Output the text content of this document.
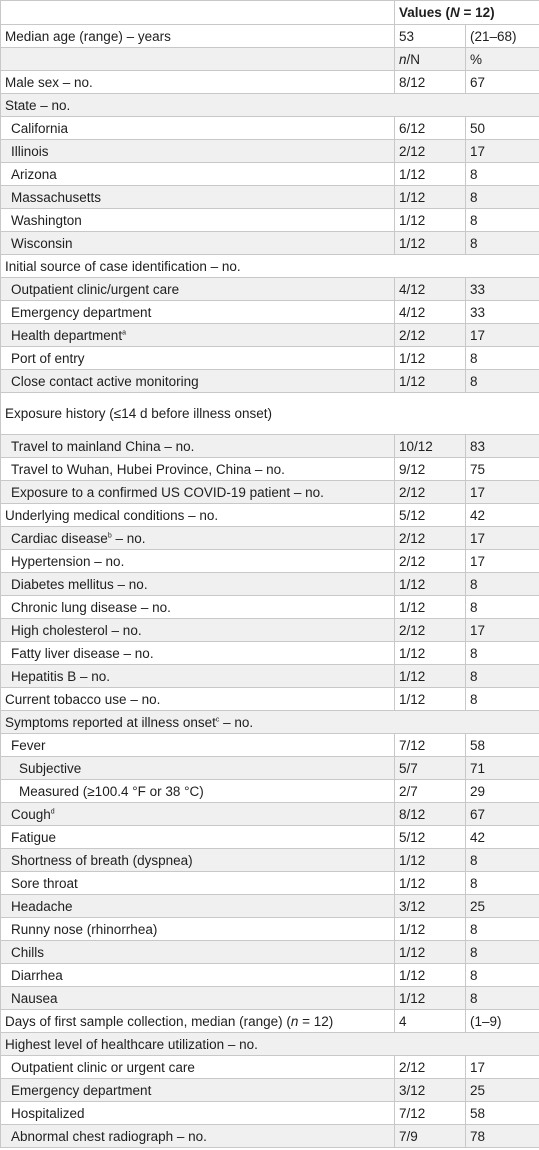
	Values (N = 12)	
Median age (range) – years	53	(21–68)
	n/N	%
Male sex – no.	8/12	67
State – no.		
California	6/12	50
Illinois	2/12	17
Arizona	1/12	8
Massachusetts	1/12	8
Washington	1/12	8
Wisconsin	1/12	8
Initial source of case identification – no.		
Outpatient clinic/urgent care	4/12	33
Emergency department	4/12	33
Health department$^a$	2/12	17
Port of entry	1/12	8
Close contact active monitoring	1/12	8
Exposure history (≤14 d before illness onset)		
Travel to mainland China – no.	10/12	83
Travel to Wuhan, Hubei Province, China – no.	9/12	75
Exposure to a confirmed US COVID-19 patient – no.	2/12	17
Underlying medical conditions – no.	5/12	42
Cardiac disease$^b$ – no.	2/12	17
Hypertension – no.	2/12	17
Diabetes mellitus – no.	1/12	8
Chronic lung disease – no.	1/12	8
High cholesterol – no.	2/12	17
Fatty liver disease – no.	1/12	8
Hepatitis B – no.	1/12	8
Current tobacco use – no.	1/12	8
Symptoms reported at illness onset$^c$ – no.		
Fever	7/12	58
Subjective	5/7	71
Measured (≥100.4 °F or 38 °C)	2/7	29
Cough$^d$	8/12	67
Fatigue	5/12	42
Shortness of breath (dyspnea)	1/12	8
Sore throat	1/12	8
Headache	3/12	25
Runny nose (rhinorrhea)	1/12	8
Chills	1/12	8
Diarrhea	1/12	8
Nausea	1/12	8
Days of first sample collection, median (range) (n = 12)	4	(1–9)
Highest level of healthcare utilization – no.		
Outpatient clinic or urgent care	2/12	17
Emergency department	3/12	25
Hospitalized	7/12	58
Abnormal chest radiograph – no.	7/9	78
